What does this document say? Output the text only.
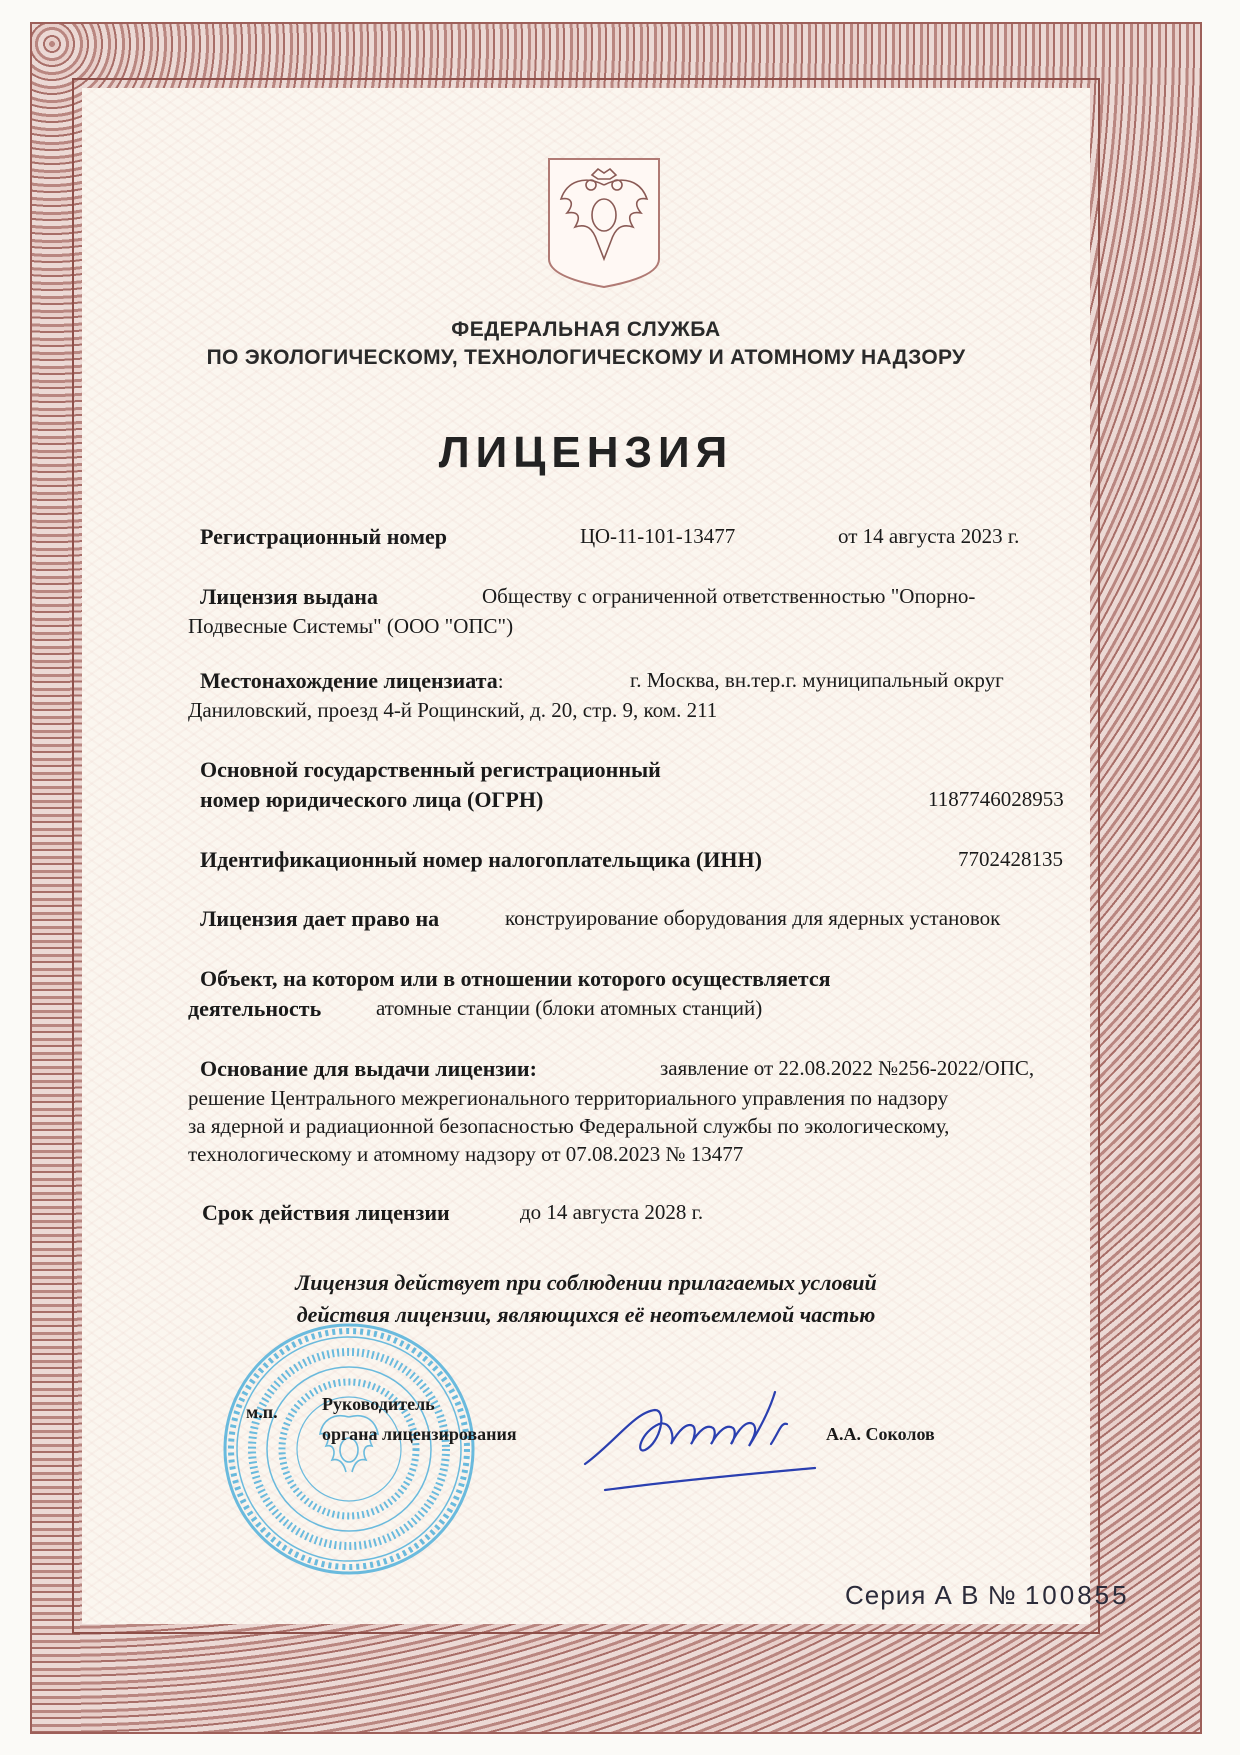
ФЕДЕРАЛЬНАЯ СЛУЖБА

ПО ЭКОЛОГИЧЕСКОМУ, ТЕХНОЛОГИЧЕСКОМУ И АТОМНОМУ НАДЗОРУ

ЛИЦЕНЗИЯ

Регистрационный номер	ЦО-11-101-13477	от 14 августа 2023 г.
Лицензия выдана	Обществу с ограниченной ответственностью "Опорно-
Подвесные Системы" (ООО "ОПС")
Местонахождение лицензиата:	г. Москва, вн.тер.г. муниципальный округ
Даниловский, проезд 4-й Рощинский, д. 20, стр. 9, ком. 211
Основной государственный регистрационный
номер юридического лица (ОГРН)	1187746028953
Идентификационный номер налогоплательщика (ИНН)	7702428135
Лицензия дает право на	конструирование оборудования для ядерных установок
Объект, на котором или в отношении которого осуществляется
деятельность	атомные станции (блоки атомных станций)
Основание для выдачи лицензии:	заявление от 22.08.2022 №256-2022/ОПС,
решение Центрального межрегионального территориального управления по надзору
за ядерной и радиационной безопасностью Федеральной службы по экологическому,
технологическому и атомному надзору от 07.08.2023 № 13477
Срок действия лицензии	до 14 августа 2028 г.

Лицензия действует при соблюдении прилагаемых условий

действия лицензии, являющихся её неотъемлемой частью

м.п. Руководитель
органа лицензирования	А.А. Соколов

Серия А В № 100855
